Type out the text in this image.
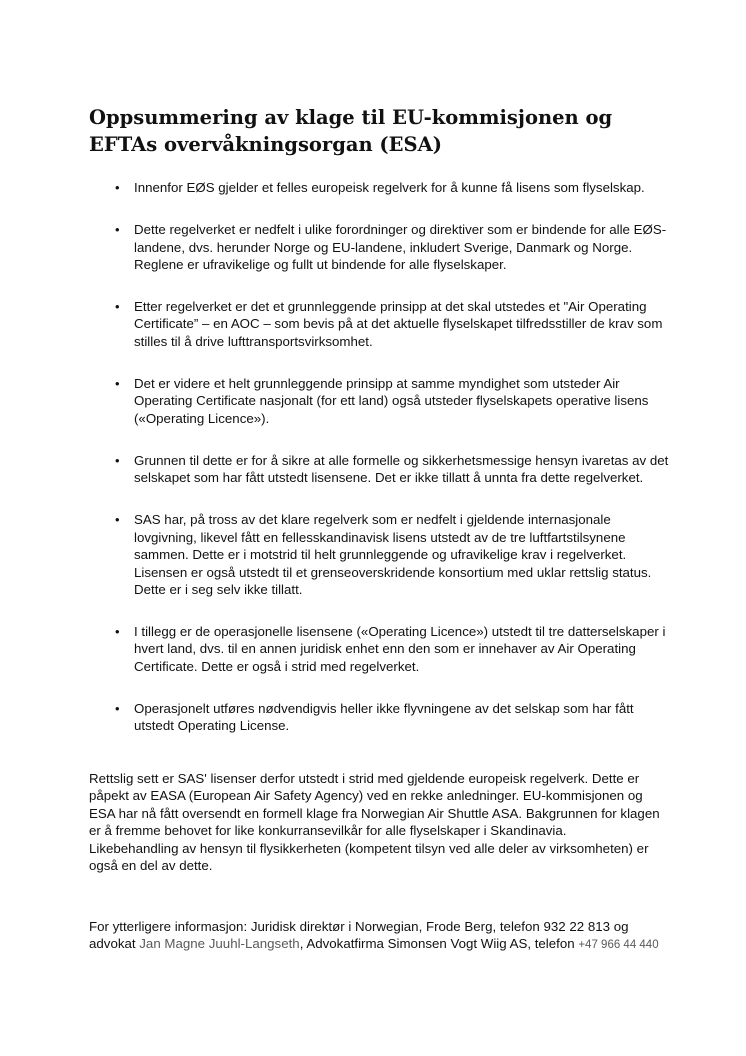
Oppsummering av klage til EU-kommisjonen og EFTAs overvåkningsorgan (ESA)
• Innenfor EØS gjelder et felles europeisk regelverk for å kunne få lisens som flyselskap.
• Dette regelverket er nedfelt i ulike forordninger og direktiver som er bindende for alle EØS-landene, dvs. herunder Norge og EU-landene, inkludert Sverige, Danmark og Norge. Reglene er ufravikelige og fullt ut bindende for alle flyselskaper.
• Etter regelverket er det et grunnleggende prinsipp at det skal utstedes et "Air Operating Certificate” – en AOC – som bevis på at det aktuelle flyselskapet tilfredsstiller de krav som stilles til å drive lufttransportsvirksomhet.
• Det er videre et helt grunnleggende prinsipp at samme myndighet som utsteder Air Operating Certificate nasjonalt (for ett land) også utsteder flyselskapets operative lisens («Operating Licence»).
• Grunnen til dette er for å sikre at alle formelle og sikkerhetsmessige hensyn ivaretas av det selskapet som har fått utstedt lisensene. Det er ikke tillatt å unnta fra dette regelverket.
• SAS har, på tross av det klare regelverk som er nedfelt i gjeldende internasjonale lovgivning, likevel fått en fellesskandinavisk lisens utstedt av de tre luftfartstilsynene sammen. Dette er i motstrid til helt grunnleggende og ufravikelige krav i regelverket. Lisensen er også utstedt til et grenseoverskridende konsortium med uklar rettslig status. Dette er i seg selv ikke tillatt.
• I tillegg er de operasjonelle lisensene («Operating Licence») utstedt til tre datterselskaper i hvert land, dvs. til en annen juridisk enhet enn den som er innehaver av Air Operating Certificate. Dette er også i strid med regelverket.
• Operasjonelt utføres nødvendigvis heller ikke flyvningene av det selskap som har fått utstedt Operating License.

Rettslig sett er SAS' lisenser derfor utstedt i strid med gjeldende europeisk regelverk. Dette er påpekt av EASA (European Air Safety Agency) ved en rekke anledninger. EU-kommisjonen og ESA har nå fått oversendt en formell klage fra Norwegian Air Shuttle ASA. Bakgrunnen for klagen er å fremme behovet for like konkurransevilkår for alle flyselskaper i Skandinavia.

Likebehandling av hensyn til flysikkerheten (kompetent tilsyn ved alle deler av virksomheten) er også en del av dette.

For ytterligere informasjon: Juridisk direktør i Norwegian, Frode Berg, telefon 932 22 813 og advokat Jan Magne Juuhl-Langseth, Advokatfirma Simonsen Vogt Wiig AS, telefon +47 966 44 440
